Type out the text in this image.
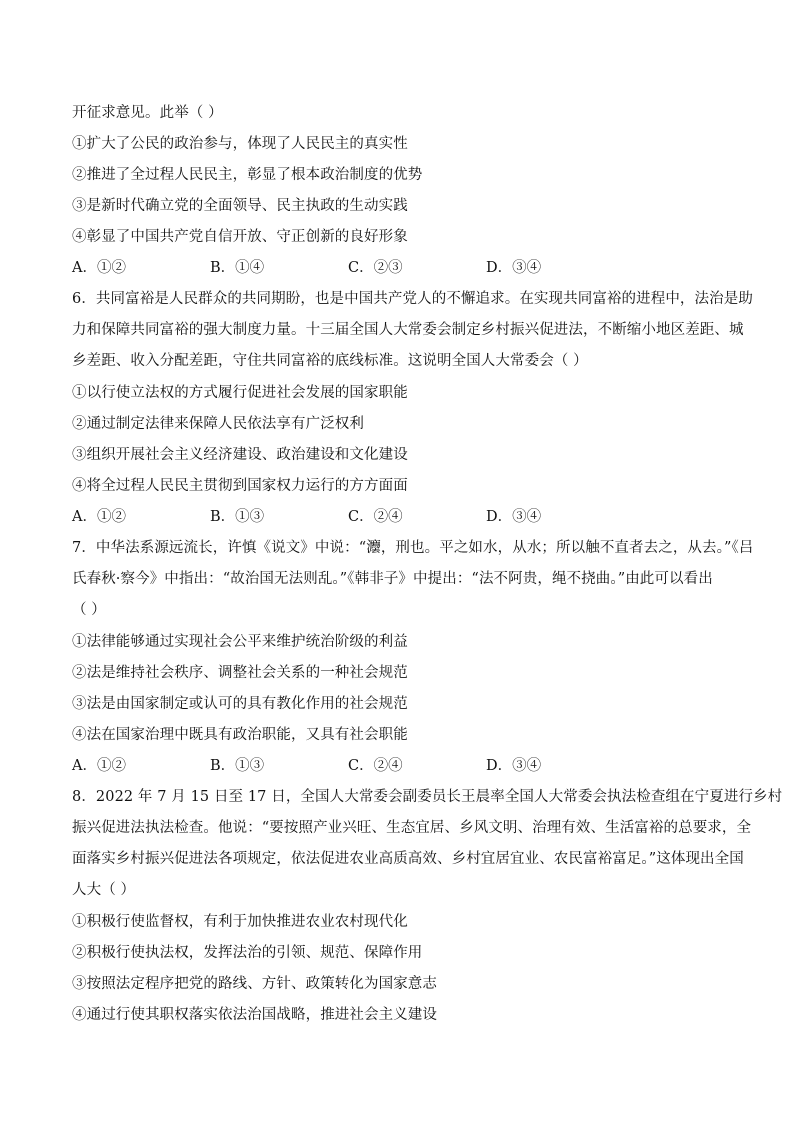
开征求意见。此举（ ）
①扩大了公民的政治参与，体现了人民民主的真实性
②推进了全过程人民民主，彰显了根本政治制度的优势
③是新时代确立党的全面领导、民主执政的生动实践
④彰显了中国共产党自信开放、守正创新的良好形象
A．①②	B．①④	C．②③	D．③④
6．共同富裕是人民群众的共同期盼，也是中国共产党人的不懈追求。在实现共同富裕的进程中，法治是助
力和保障共同富裕的强大制度力量。十三届全国人大常委会制定乡村振兴促进法，不断缩小地区差距、城
乡差距、收入分配差距，守住共同富裕的底线标准。这说明全国人大常委会（ ）
①以行使立法权的方式履行促进社会发展的国家职能
②通过制定法律来保障人民依法享有广泛权利
③组织开展社会主义经济建设、政治建设和文化建设
④将全过程人民民主贯彻到国家权力运行的方方面面
A．①②	B．①③	C．②④	D．③④
7．中华法系源远流长，许慎《说文》中说：“灋，刑也。平之如水，从水；所以触不直者去之，从去。”《吕
氏春秋·察今》中指出：“故治国无法则乱。”《韩非子》中提出：“法不阿贵，绳不挠曲。”由此可以看出
（ ）
①法律能够通过实现社会公平来维护统治阶级的利益
②法是维持社会秩序、调整社会关系的一种社会规范
③法是由国家制定或认可的具有教化作用的社会规范
④法在国家治理中既具有政治职能，又具有社会职能
A．①②	B．①③	C．②④	D．③④
8．2022 年 7 月 15 日至 17 日，全国人大常委会副委员长王晨率全国人大常委会执法检查组在宁夏进行乡村
振兴促进法执法检查。他说：“要按照产业兴旺、生态宜居、乡风文明、治理有效、生活富裕的总要求，全
面落实乡村振兴促进法各项规定，依法促进农业高质高效、乡村宜居宜业、农民富裕富足。”这体现出全国
人大（ ）
①积极行使监督权，有利于加快推进农业农村现代化
②积极行使执法权，发挥法治的引领、规范、保障作用
③按照法定程序把党的路线、方针、政策转化为国家意志
④通过行使其职权落实依法治国战略，推进社会主义建设
